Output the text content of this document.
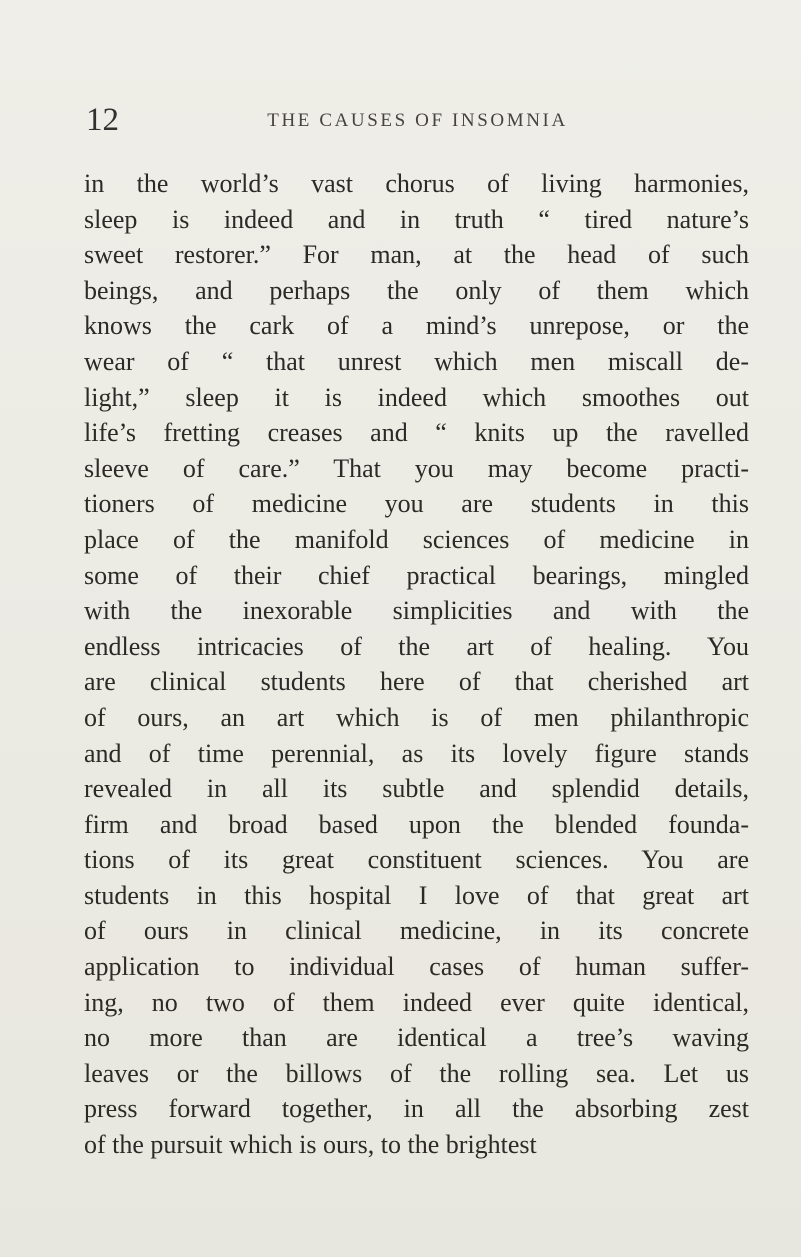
12	THE CAUSES OF INSOMNIA
in the world’s vast chorus of living harmonies,
sleep is indeed and in truth “ tired nature’s
sweet restorer.” For man, at the head of such
beings, and perhaps the only of them which
knows the cark of a mind’s unrepose, or the
wear of “ that unrest which men miscall de-
light,” sleep it is indeed which smoothes out
life’s fretting creases and “ knits up the ravelled
sleeve of care.” That you may become practi-
tioners of medicine you are students in this
place of the manifold sciences of medicine in
some of their chief practical bearings, mingled
with the inexorable simplicities and with the
endless intricacies of the art of healing. You
are clinical students here of that cherished art
of ours, an art which is of men philanthropic
and of time perennial, as its lovely figure stands
revealed in all its subtle and splendid details,
firm and broad based upon the blended founda-
tions of its great constituent sciences. You are
students in this hospital I love of that great art
of ours in clinical medicine, in its concrete
application to individual cases of human suffer-
ing, no two of them indeed ever quite identical,
no more than are identical a tree’s waving
leaves or the billows of the rolling sea. Let us
press forward together, in all the absorbing zest
of the pursuit which is ours, to the brightest
